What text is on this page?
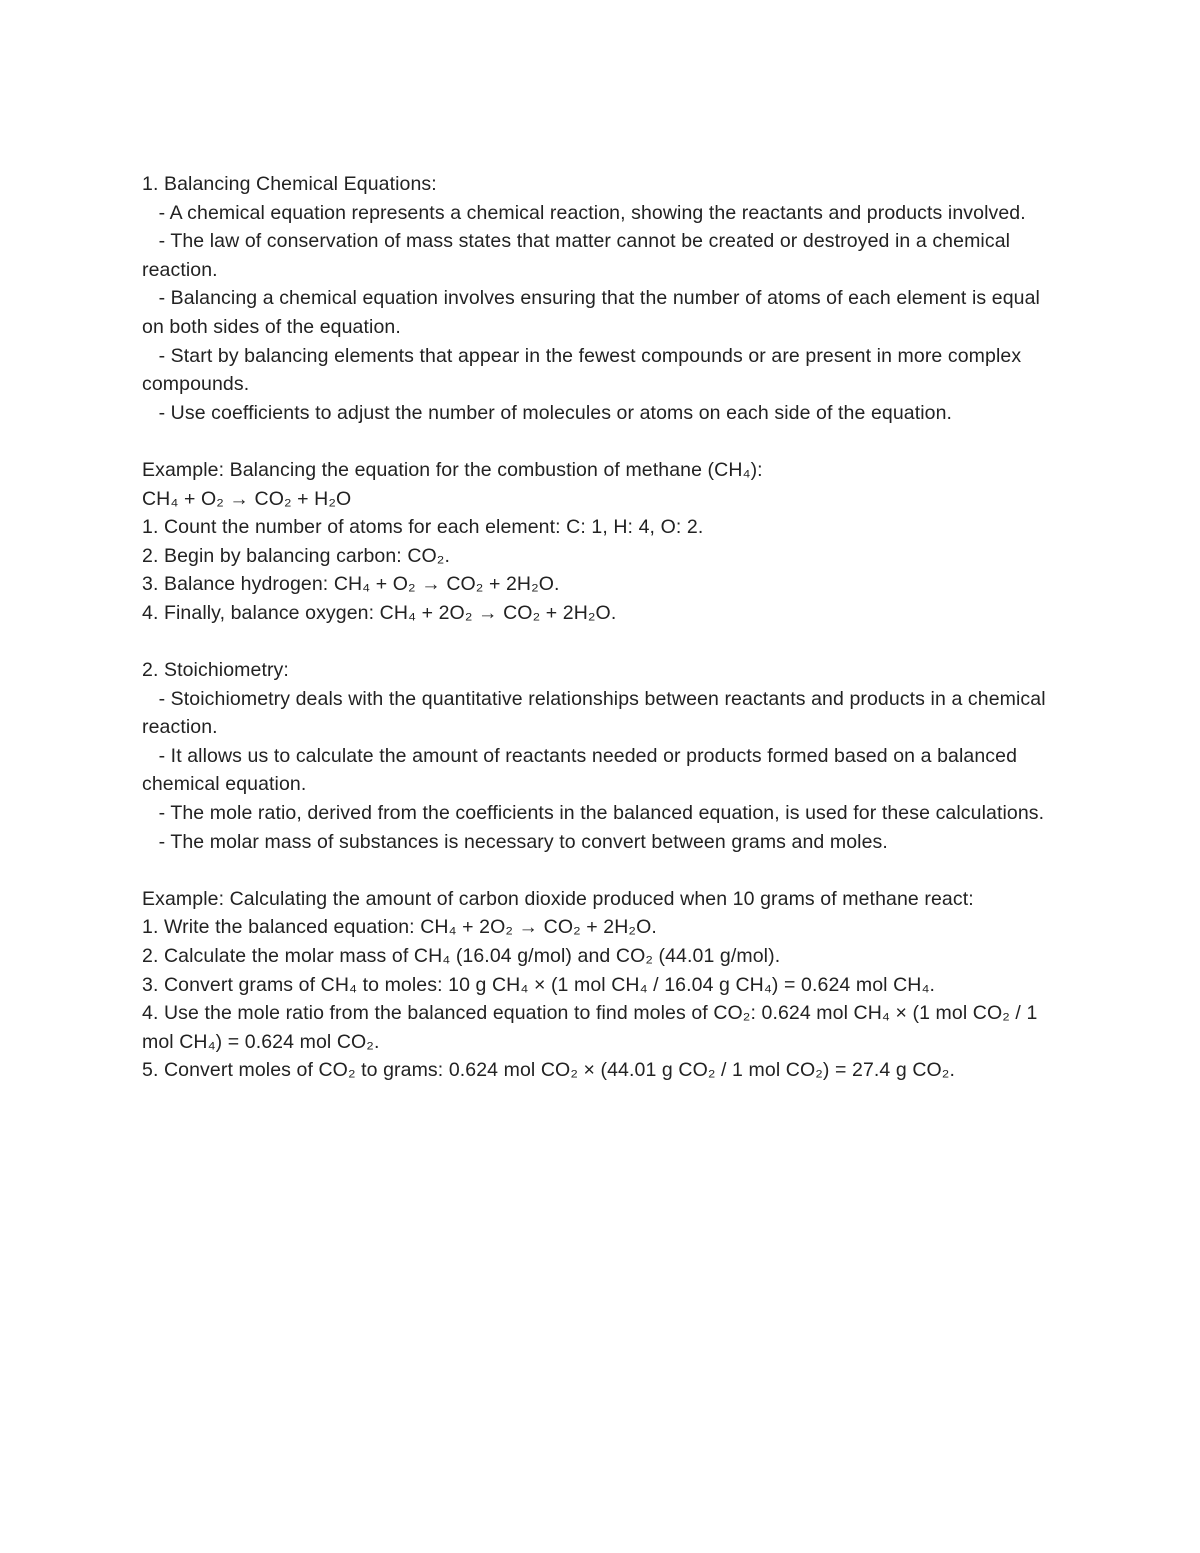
1. Balancing Chemical Equations:

- A chemical equation represents a chemical reaction, showing the reactants and products involved.

- The law of conservation of mass states that matter cannot be created or destroyed in a chemical reaction.

- Balancing a chemical equation involves ensuring that the number of atoms of each element is equal on both sides of the equation.

- Start by balancing elements that appear in the fewest compounds or are present in more complex compounds.

- Use coefficients to adjust the number of molecules or atoms on each side of the equation.

Example: Balancing the equation for the combustion of methane (CH₄):

CH₄ + O₂ → CO₂ + H₂O

1. Count the number of atoms for each element: C: 1, H: 4, O: 2.

2. Begin by balancing carbon: CO₂.

3. Balance hydrogen: CH₄ + O₂ → CO₂ + 2H₂O.

4. Finally, balance oxygen: CH₄ + 2O₂ → CO₂ + 2H₂O.

2. Stoichiometry:

- Stoichiometry deals with the quantitative relationships between reactants and products in a chemical reaction.

- It allows us to calculate the amount of reactants needed or products formed based on a balanced chemical equation.

- The mole ratio, derived from the coefficients in the balanced equation, is used for these calculations.

- The molar mass of substances is necessary to convert between grams and moles.

Example: Calculating the amount of carbon dioxide produced when 10 grams of methane react:

1. Write the balanced equation: CH₄ + 2O₂ → CO₂ + 2H₂O.

2. Calculate the molar mass of CH₄ (16.04 g/mol) and CO₂ (44.01 g/mol).

3. Convert grams of CH₄ to moles: 10 g CH₄ × (1 mol CH₄ / 16.04 g CH₄) = 0.624 mol CH₄.

4. Use the mole ratio from the balanced equation to find moles of CO₂: 0.624 mol CH₄ × (1 mol CO₂ / 1 mol CH₄) = 0.624 mol CO₂.

5. Convert moles of CO₂ to grams: 0.624 mol CO₂ × (44.01 g CO₂ / 1 mol CO₂) = 27.4 g CO₂.
